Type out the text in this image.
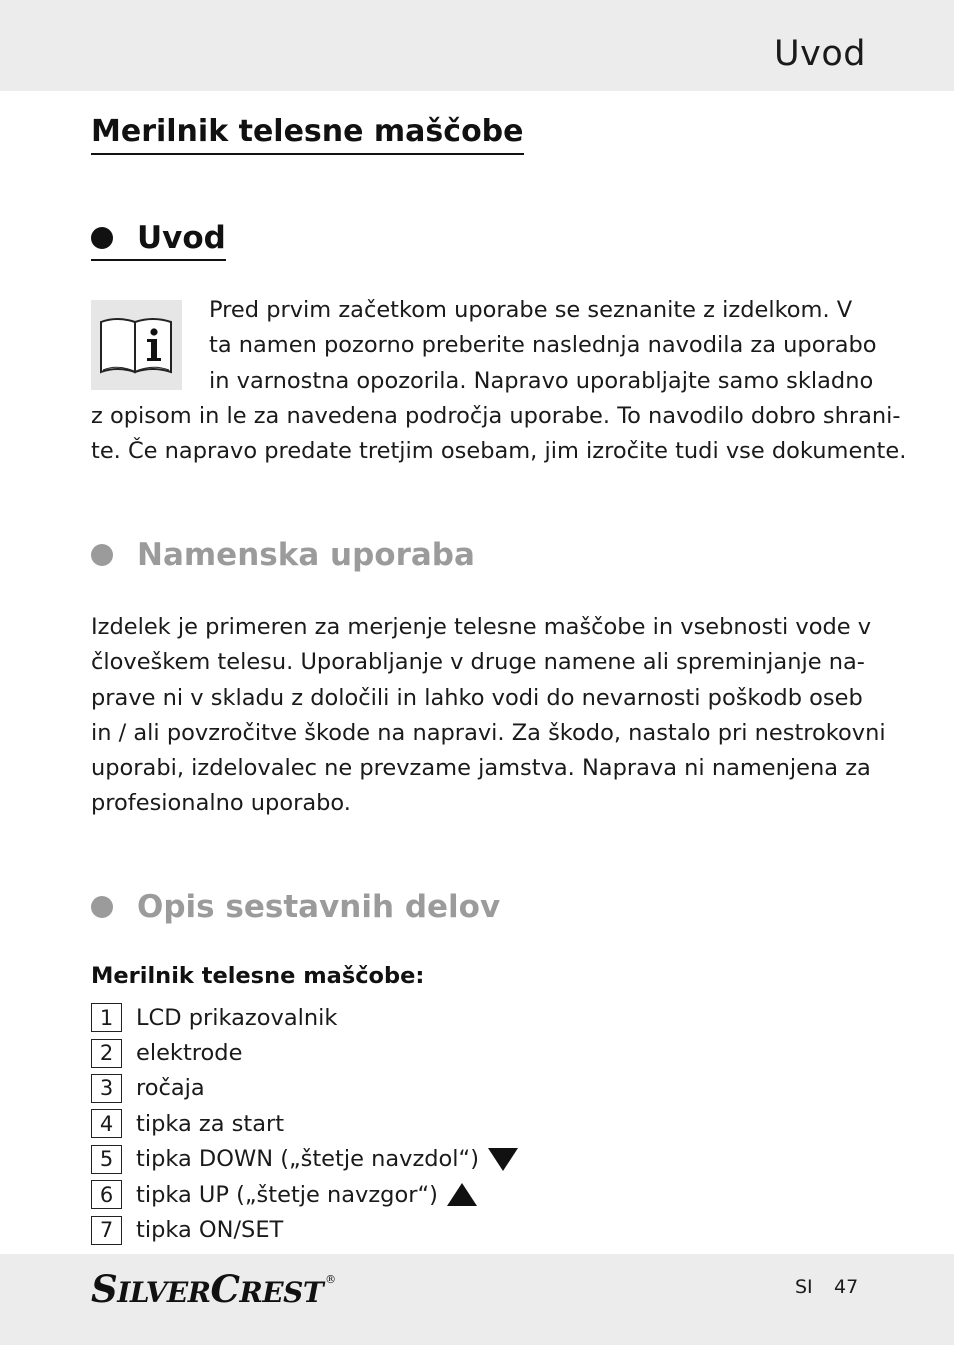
Uvod
Merilnik telesne maščobe
Uvod
Pred prvim začetkom uporabe se seznanite z izdelkom. V
ta namen pozorno preberite naslednja navodila za uporabo
in varnostna opozorila. Napravo uporabljajte samo skladno
z opisom in le za navedena področja uporabe. To navodilo dobro shrani-
te. Če napravo predate tretjim osebam, jim izročite tudi vse dokumente.
Namenska uporaba
Izdelek je primeren za merjenje telesne maščobe in vsebnosti vode v
človeškem telesu. Uporabljanje v druge namene ali spreminjanje na-
prave ni v skladu z določili in lahko vodi do nevarnosti poškodb oseb
in / ali povzročitve škode na napravi. Za škodo, nastalo pri nestrokovni
uporabi, izdelovalec ne prevzame jamstva. Naprava ni namenjena za
profesionalno uporabo.
Opis sestavnih delov
Merilnik telesne maščobe:
1	LCD prikazovalnik
2	elektrode
3	ročaja
4	tipka za start
5	tipka DOWN („štetje navzdol“)
6	tipka UP („štetje navzgor“)
7	tipka ON/SET
S ILVER C REST ®	SI 47
